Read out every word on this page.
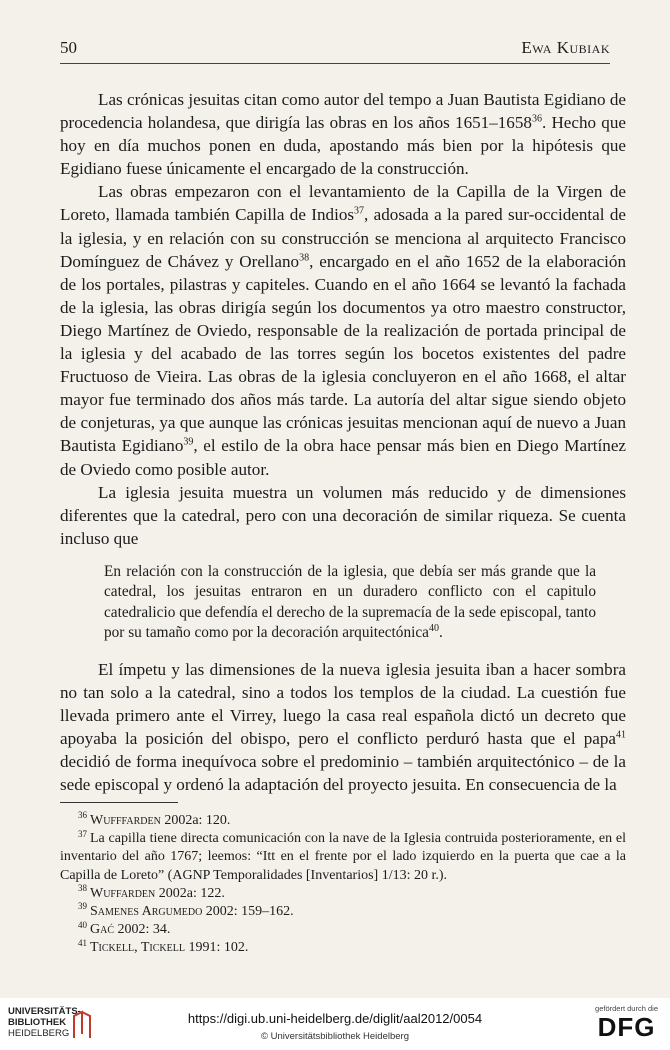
50	Ewa Kubiak

Las crónicas jesuitas citan como autor del tempo a Juan Bautista Egidiano de procedencia holandesa, que dirigía las obras en los años 1651–1658$^{36}$. Hecho que hoy en día muchos ponen en duda, apostando más bien por la hipótesis que Egidiano fuese únicamente el encargado de la construcción.

Las obras empezaron con el levantamiento de la Capilla de la Virgen de Loreto, llamada también Capilla de Indios$^{37}$, adosada a la pared sur-occidental de la iglesia, y en relación con su construcción se menciona al arquitecto Francisco Domínguez de Chávez y Orellano$^{38}$, encargado en el año 1652 de la elaboración de los portales, pilastras y capiteles. Cuando en el año 1664 se levantó la fachada de la iglesia, las obras dirigía según los documentos ya otro maestro constructor, Diego Martínez de Oviedo, responsable de la realización de portada principal de la iglesia y del acabado de las torres según los bocetos existentes del padre Fructuoso de Vieira. Las obras de la iglesia concluyeron en el año 1668, el altar mayor fue terminado dos años más tarde. La autoría del altar sigue siendo objeto de conjeturas, ya que aunque las crónicas jesuitas mencionan aquí de nuevo a Juan Bautista Egidiano$^{39}$, el estilo de la obra hace pensar más bien en Diego Martínez de Oviedo como posible autor.

La iglesia jesuita muestra un volumen más reducido y de dimensiones diferentes que la catedral, pero con una decoración de similar riqueza. Se cuenta incluso que

En relación con la construcción de la iglesia, que debía ser más grande que la catedral, los jesuitas entraron en un duradero conflicto con el capitulo catedralicio que defendía el derecho de la supremacía de la sede episcopal, tanto por su tamaño como por la decoración arquitectónica$^{40}$.

El ímpetu y las dimensiones de la nueva iglesia jesuita iban a hacer sombra no tan solo a la catedral, sino a todos los templos de la ciudad. La cuestión fue llevada primero ante el Virrey, luego la casa real española dictó un decreto que apoyaba la posición del obispo, pero el conflicto perduró hasta que el papa$^{41}$ decidió de forma inequívoca sobre el predominio – también arquitectónico – de la sede episcopal y ordenó la adaptación del proyecto jesuita. En consecuencia de la

$^{36}$ Wufffarden 2002a: 120.

$^{37}$ La capilla tiene directa comunicación con la nave de la Iglesia contruida posterioramente, en el inventario del año 1767; leemos: “Itt en el frente por el lado izquierdo en la puerta que cae a la Capilla de Loreto” (AGNP Temporalidades [Inventarios] 1/13: 20 r.).

$^{38}$ Wuffarden 2002a: 122.

$^{39}$ Samenes Argumedo 2002: 159–162.

$^{40}$ Gać 2002: 34.

$^{41}$ Tickell, Tickell 1991: 102.

UNIVERSITÄTS-
BIBLIOTHEK
HEIDELBERG
https://digi.ub.uni-heidelberg.de/diglit/aal2012/0054
© Universitätsbibliothek Heidelberg
gefördert durch die
DFG
